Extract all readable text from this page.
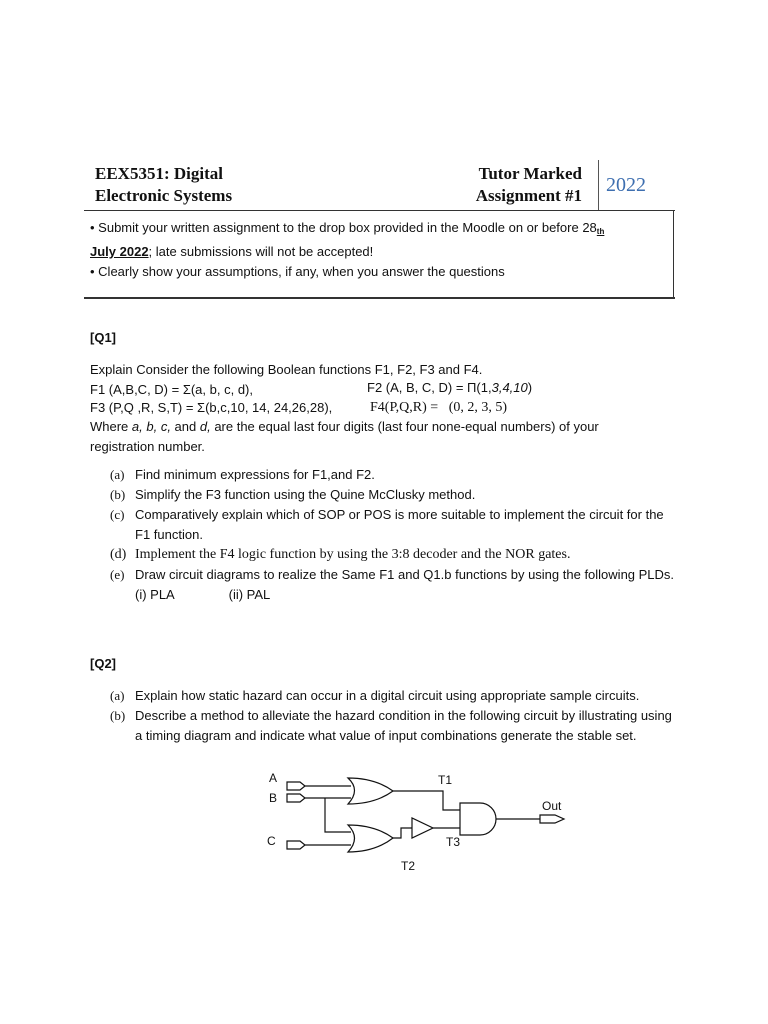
EEX5351: Digital
Electronic Systems
Tutor Marked
Assignment #1 2022

• Submit your written assignment to the drop box provided in the Moodle on or before $28_{th}$

July 2022; late submissions will not be accepted!

• Clearly show your assumptions, if any, when you answer the questions

[Q1]
Explain Consider the following Boolean functions F1, F2, F3 and F4.
F1 (A,B,C, D) = Σ(a, b, c, d),	F2 (A, B, C, D) = Π(1,3,4,10)
F3 (P,Q ,R, S,T) = Σ(b,c,10, 14, 24,26,28),	F4(P,Q,R) = (0, 2, 3, 5)
Where a, b, c, and d, are the equal last four digits (last four none-equal numbers) of your
registration number.
(a) Find minimum expressions for F1,and F2.
(b) Simplify the F3 function using the Quine McClusky method.
(c) Comparatively explain which of SOP or POS is more suitable to implement the circuit for the F1 function.
(d) Implement the F4 logic function by using the 3:8 decoder and the NOR gates.
(e) Draw circuit diagrams to realize the Same F1 and Q1.b functions by using the following PLDs.
(i) PLA	(ii) PAL
[Q2]
(a) Explain how static hazard can occur in a digital circuit using appropriate sample circuits.
(b) Describe a method to alleviate the hazard condition in the following circuit by illustrating using a timing diagram and indicate what value of input combinations generate the stable set.
A
B
C
T1
T2
T3
Out
